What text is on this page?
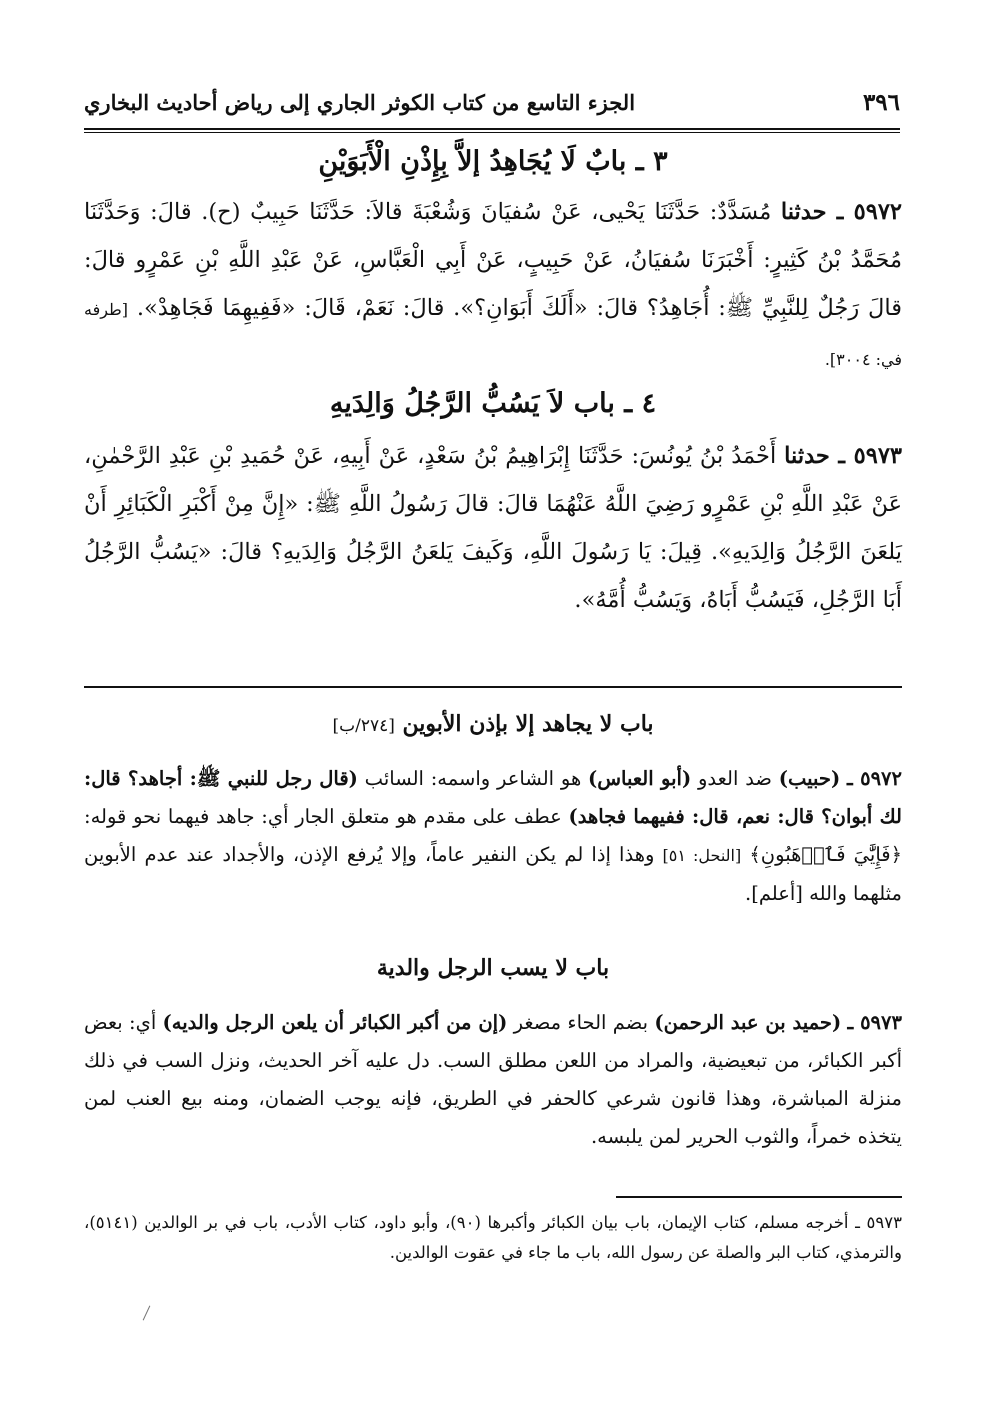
٣٩٦
الجزء التاسع من كتاب الكوثر الجاري إلى رياض أحاديث البخاري
٣ ـ بابٌ لَا يُجَاهِدُ إلاَّ بِإِذْنِ الْأَبَوَيْنِ
٥٩٧٢ ـ حدثنا مُسَدَّدٌ: حَدَّثَنَا يَحْيى، عَنْ سُفيَانَ وَشُعْبَةَ قالاَ: حَدَّثَنَا حَبِيبٌ (ح). قالَ: وَحَدَّثَنَا مُحَمَّدُ بْنُ كَثِيرٍ: أَخْبَرَنَا سُفيَانُ، عَنْ حَبِيبٍ، عَنْ أَبِي الْعَبَّاسِ، عَنْ عَبْدِ اللَّهِ بْنِ عَمْرٍو قالَ: قالَ رَجُلٌ لِلنَّبِيِّ ﷺ: أُجَاهِدُ؟ قالَ: «أَلَكَ أَبَوَانِ؟». قالَ: نَعَمْ، قَالَ: «فَفِيهِمَا فَجَاهِدْ». [طرفه في: ٣٠٠٤].
٤ ـ باب لاَ يَسُبُّ الرَّجُلُ وَالِدَيهِ
٥٩٧٣ ـ حدثنا أَحْمَدُ بْنُ يُونُسَ: حَدَّثَنَا إِبْرَاهِيمُ بْنُ سَعْدٍ، عَنْ أَبِيهِ، عَنْ حُمَيدِ بْنِ عَبْدِ الرَّحْمٰنِ، عَنْ عَبْدِ اللَّهِ بْنِ عَمْرٍو رَضِيَ اللَّهُ عَنْهُمَا قالَ: قالَ رَسُولُ اللَّهِ ﷺ: «إِنَّ مِنْ أَكْبَرِ الْكَبَائِرِ أَنْ يَلعَنَ الرَّجُلُ وَالِدَيهِ». قِيلَ: يَا رَسُولَ اللَّهِ، وَكَيفَ يَلعَنُ الرَّجُلُ وَالِدَيهِ؟ قالَ: «يَسُبُّ الرَّجُلُ أَبَا الرَّجُلِ، فَيَسُبُّ أَبَاهُ، وَيَسُبُّ أُمَّهُ».
باب لا يجاهد إلا بإذن الأبوين [٢٧٤/ب]
٥٩٧٢ ـ (حبيب) ضد العدو (أبو العباس) هو الشاعر واسمه: السائب (قال رجل للنبي ﷺ: أجاهد؟ قال: لك أبوان؟ قال: نعم، قال: ففيهما فجاهد) عطف على مقدم هو متعلق الجار أي: جاهد فيهما نحو قوله: ﴿فَإِيَّٰيَ فَٱرۡهَبُونِ﴾ [النحل: ٥١] وهذا إذا لم يكن النفير عاماً، وإلا يُرفع الإذن، والأجداد عند عدم الأبوين مثلهما والله [أعلم].
باب لا يسب الرجل والدية
٥٩٧٣ ـ (حميد بن عبد الرحمن) بضم الحاء مصغر (إن من أكبر الكبائر أن يلعن الرجل والديه) أي: بعض أكبر الكبائر، من تبعيضية، والمراد من اللعن مطلق السب. دل عليه آخر الحديث، ونزل السب في ذلك منزلة المباشرة، وهذا قانون شرعي كالحفر في الطريق، فإنه يوجب الضمان، ومنه بيع العنب لمن يتخذه خمراً، والثوب الحرير لمن يلبسه.
٥٩٧٣ ـ أخرجه مسلم، كتاب الإيمان، باب بيان الكبائر وأكبرها (٩٠)، وأبو داود، كتاب الأدب، باب في بر الوالدين (٥١٤١)، والترمذي، كتاب البر والصلة عن رسول الله، باب ما جاء في عقوت الوالدين.
